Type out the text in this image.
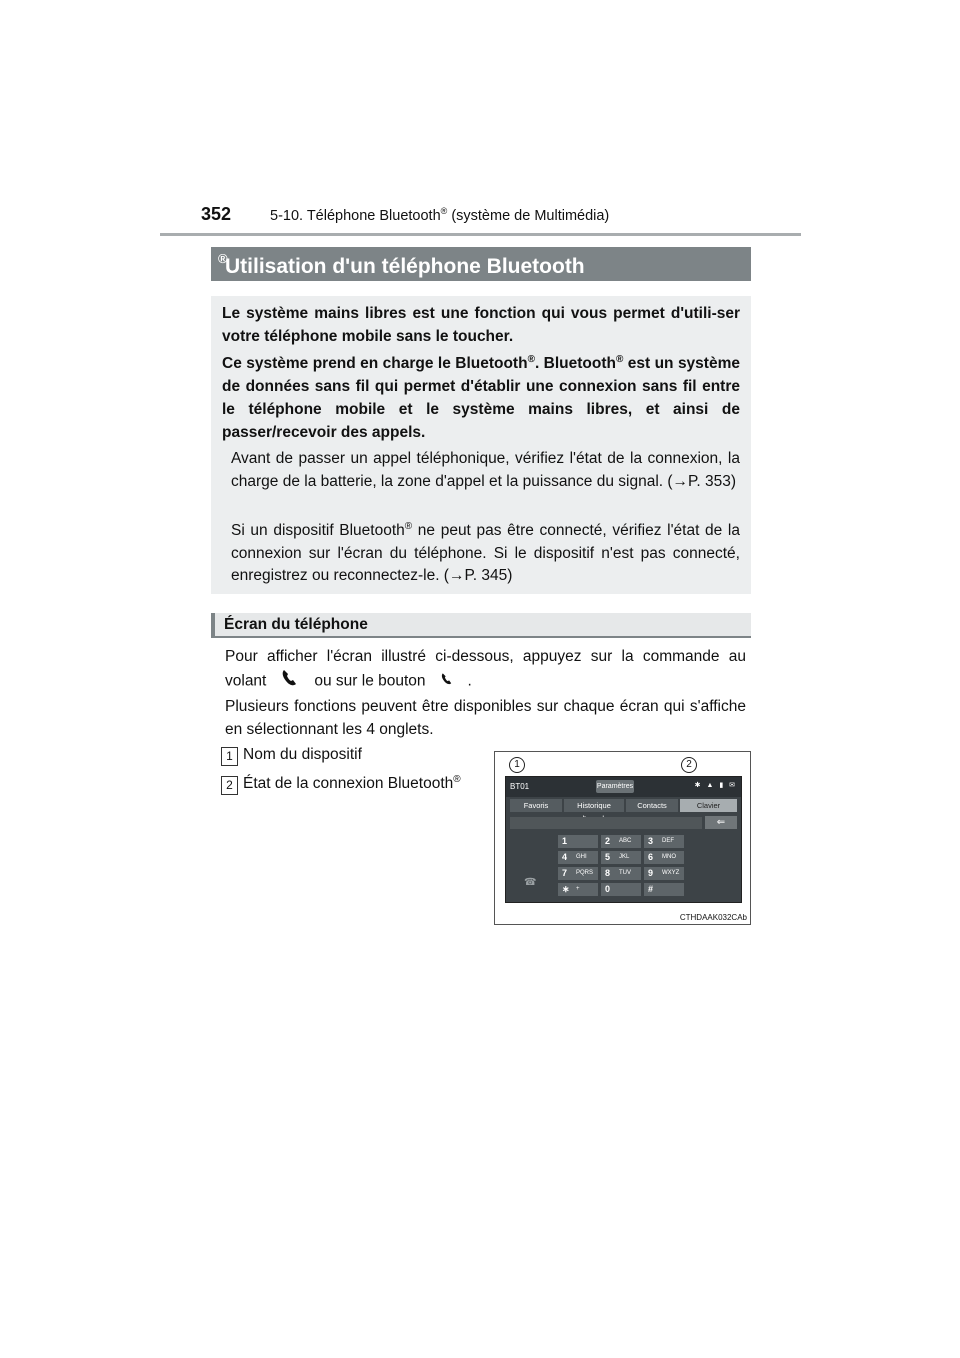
352	5-10. Téléphone Bluetooth® (système de Multimédia)
Utilisation d'un téléphone Bluetooth
®
Le système mains libres est une fonction qui vous permet d'utili-ser votre téléphone mobile sans le toucher.
Ce système prend en charge le Bluetooth®. Bluetooth® est un système de données sans fil qui permet d'établir une connexion sans fil entre le téléphone mobile et le système mains libres, et ainsi de passer/recevoir des appels.
Avant de passer un appel téléphonique, vérifiez l'état de la connexion, la charge de la batterie, la zone d'appel et la puissance du signal. (→P. 353)
Si un dispositif Bluetooth® ne peut pas être connecté, vérifiez l'état de la connexion sur l'écran du téléphone. Si le dispositif n'est pas connecté, enregistrez ou reconnectez-le. (→P. 345)
Écran du téléphone
Pour afficher l'écran illustré ci-dessous, appuyez sur la commande au volant	ou sur le bouton	.
Plusieurs fonctions peuvent être disponibles sur chaque écran qui s'affiche en sélectionnant les 4 onglets.
1 Nom du dispositif
2 État de la connexion Bluetooth®
1	2
BT01	Paramètres	✱ ▲ ▮ ✉
Favoris	Historique	Contacts	Clavier
⇐
1	2 ABC 3 DEF
4 GHI 5 JKL 6 MNO
7 PQRS 8 TUV 9 WXYZ
∗ +	0	#
☎
CTHDAAK032CAb
